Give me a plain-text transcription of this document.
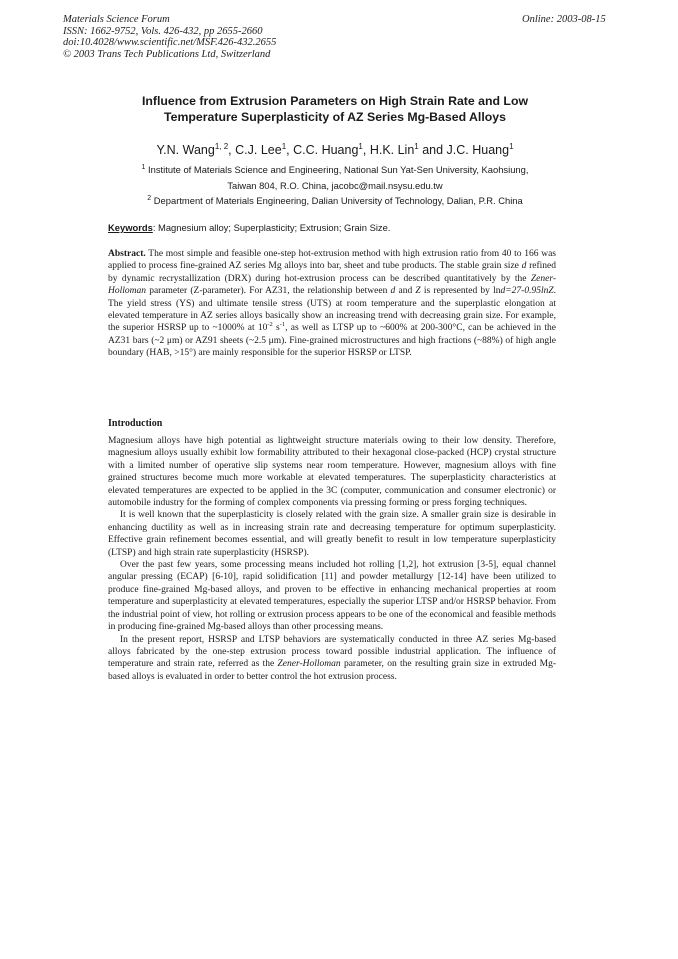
Materials Science Forum
ISSN: 1662-9752, Vols. 426-432, pp 2655-2660
doi:10.4028/www.scientific.net/MSF.426-432.2655
© 2003 Trans Tech Publications Ltd, Switzerland
Online: 2003-08-15
Influence from Extrusion Parameters on High Strain Rate and Low
Temperature Superplasticity of AZ Series Mg-Based Alloys
Y.N. Wang$^{1, 2}$, C.J. Lee$^1$, C.C. Huang$^1$, H.K. Lin$^1$ and J.C. Huang$^1$
$^1$ Institute of Materials Science and Engineering, National Sun Yat-Sen University, Kaohsiung,
Taiwan 804, R.O. China, jacobc@mail.nsysu.edu.tw
$^2$ Department of Materials Engineering, Dalian University of Technology, Dalian, P.R. China
Keywords: Magnesium alloy; Superplasticity; Extrusion; Grain Size.
Abstract. The most simple and feasible one-step hot-extrusion method with high extrusion ratio from 40 to 166 was applied to process fine-grained AZ series Mg alloys into bar, sheet and tube products. The stable grain size d refined by dynamic recrystallization (DRX) during hot-extrusion process can be described quantitatively by the Zener-Holloman parameter (Z-parameter). For AZ31, the relationship between d and Z is represented by lnd=27-0.95lnZ. The yield stress (YS) and ultimate tensile stress (UTS) at room temperature and the superplastic elongation at elevated temperature in AZ series alloys basically show an increasing trend with decreasing grain size. For example, the superior HSRSP up to ~1000% at $10^{-2}$ $s^{-1}$, as well as LTSP up to ~600% at 200-300°C, can be achieved in the AZ31 bars (~2 μm) or AZ91 sheets (~2.5 μm). Fine-grained microstructures and high fractions (~88%) of high angle boundary (HAB, >15°) are mainly responsible for the superior HSRSP or LTSP.
Introduction

Magnesium alloys have high potential as lightweight structure materials owing to their low density. Therefore, magnesium alloys usually exhibit low formability attributed to their hexagonal close-packed (HCP) crystal structure with a limited number of operative slip systems near room temperature. However, magnesium alloys with fine grained structures become much more workable at elevated temperatures. The superplasticity characteristics at elevated temperatures are expected to be applied in the 3C (computer, communication and consumer electronic) or automobile industry for the forming of complex components via pressing forming or press forging techniques.

It is well known that the superplasticity is closely related with the grain size. A smaller grain size is desirable in enhancing ductility as well as in increasing strain rate and decreasing temperature for optimum superplasticity. Effective grain refinement becomes essential, and will greatly benefit to result in low temperature superplasticity (LTSP) and high strain rate superplasticity (HSRSP).

Over the past few years, some processing means included hot rolling [1,2], hot extrusion [3-5], equal channel angular pressing (ECAP) [6-10], rapid solidification [11] and powder metallurgy [12-14] have been utilized to produce fine-grained Mg-based alloys, and proven to be effective in enhancing mechanical properties at room temperature and superplasticity at elevated temperatures, especially the superior LTSP and/or HSRSP behavior. From the industrial point of view, hot rolling or extrusion process appears to be one of the economical and feasible methods in producing fine-grained Mg-based alloys than other processing means.

In the present report, HSRSP and LTSP behaviors are systematically conducted in three AZ series Mg-based alloys fabricated by the one-step extrusion process toward possible industrial application. The influence of temperature and strain rate, referred as the Zener-Holloman parameter, on the resulting grain size in extruded Mg-based alloys is evaluated in order to better control the hot extrusion process.
